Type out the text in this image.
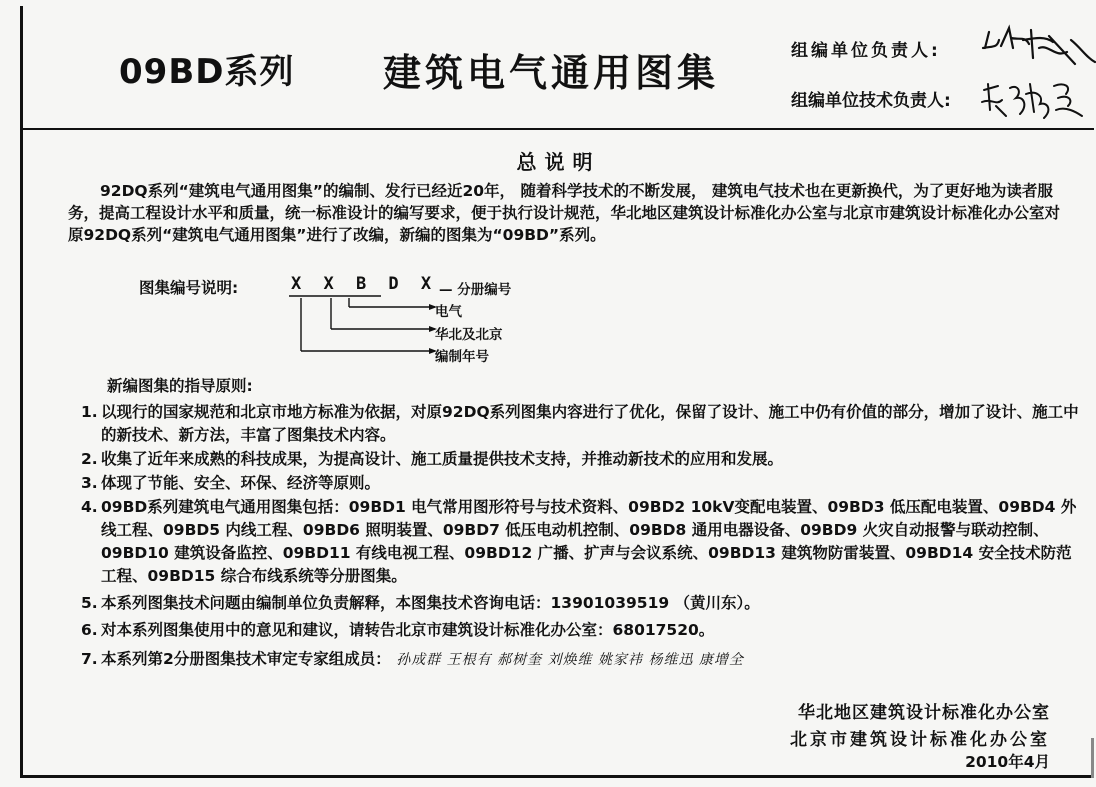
09BD系列 建筑电气通用图集	组编单位负责人:
组编单位技术负责人:
总说明
92DQ系列“建筑电气通用图集”的编制、发行已经近20年， 随着科学技术的不断发展， 建筑电气技术也在更新换代，为了更好地为读者服务，提高工程设计水平和质量，统一标准设计的编写要求，便于执行设计规范，华北地区建筑设计标准化办公室与北京市建筑设计标准化办公室对原92DQ系列“建筑电气通用图集”进行了改编，新编的图集为“09BD”系列。
图集编号说明:	X X B D X — 分册编号
电气
华北及北京
编制年号
新编图集的指导原则:
1. 以现行的国家规范和北京市地方标准为依据，对原92DQ系列图集内容进行了优化，保留了设计、施工中仍有价值的部分，增加了设计、施工中的新技术、新方法，丰富了图集技术内容。
2. 收集了近年来成熟的科技成果，为提高设计、施工质量提供技术支持，并推动新技术的应用和发展。
3. 体现了节能、安全、环保、经济等原则。
4. 09BD系列建筑电气通用图集包括：09BD1 电气常用图形符号与技术资料、09BD2 10kV变配电装置、09BD3 低压配电装置、09BD4 外线工程、09BD5 内线工程、09BD6 照明装置、09BD7 低压电动机控制、09BD8 通用电器设备、09BD9 火灾自动报警与联动控制、09BD10 建筑设备监控、09BD11 有线电视工程、09BD12 广播、扩声与会议系统、09BD13 建筑物防雷装置、09BD14 安全技术防范工程、09BD15 综合布线系统等分册图集。
5. 本系列图集技术问题由编制单位负责解释，本图集技术咨询电话：13901039519 （黄川东）。
6. 对本系列图集使用中的意见和建议，请转告北京市建筑设计标准化办公室：68017520。
7. 本系列第2分册图集技术审定专家组成员： 孙成群 王根有 郝树奎 刘焕维 姚家祎 杨维迅 康增全
华北地区建筑设计标准化办公室
北京市建筑设计标准化办公室
2010年4月
